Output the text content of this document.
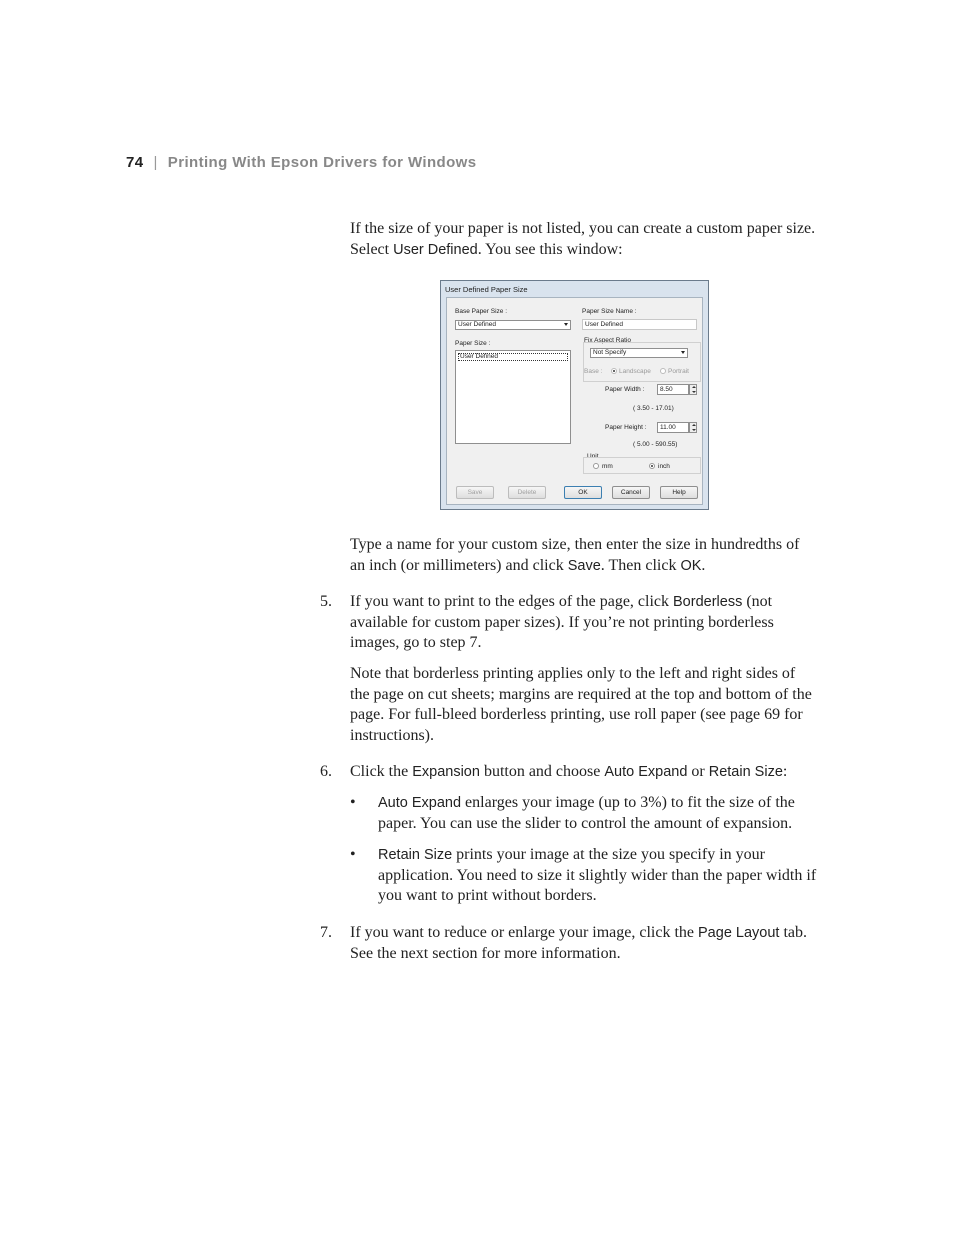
74 | Printing With Epson Drivers for Windows
If the size of your paper is not listed, you can create a custom paper size.
Select User Defined. You see this window:
User Defined Paper Size
Base Paper Size :
User Defined
Paper Size :
User Defined
Paper Size Name :
User Defined
Fix Aspect Ratio
Not Specify
Base :	Landscape	Portrait
Paper Width :	8.50
( 3.50 - 17.01)
Paper Height :	11.00
( 5.00 - 590.55)
Unit
mm	inch
Save	Delete	OK	Cancel	Help
Type a name for your custom size, then enter the size in hundredths of
an inch (or millimeters) and click Save. Then click OK.
5. If you want to print to the edges of the page, click Borderless (not
available for custom paper sizes). If you’re not printing borderless
images, go to step 7.
Note that borderless printing applies only to the left and right sides of
the page on cut sheets; margins are required at the top and bottom of the
page. For full-bleed borderless printing, use roll paper (see page 69 for
instructions).
6. Click the Expansion button and choose Auto Expand or Retain Size:
• Auto Expand enlarges your image (up to 3%) to fit the size of the
paper. You can use the slider to control the amount of expansion.
• Retain Size prints your image at the size you specify in your
application. You need to size it slightly wider than the paper width if
you want to print without borders.
7. If you want to reduce or enlarge your image, click the Page Layout tab.
See the next section for more information.
